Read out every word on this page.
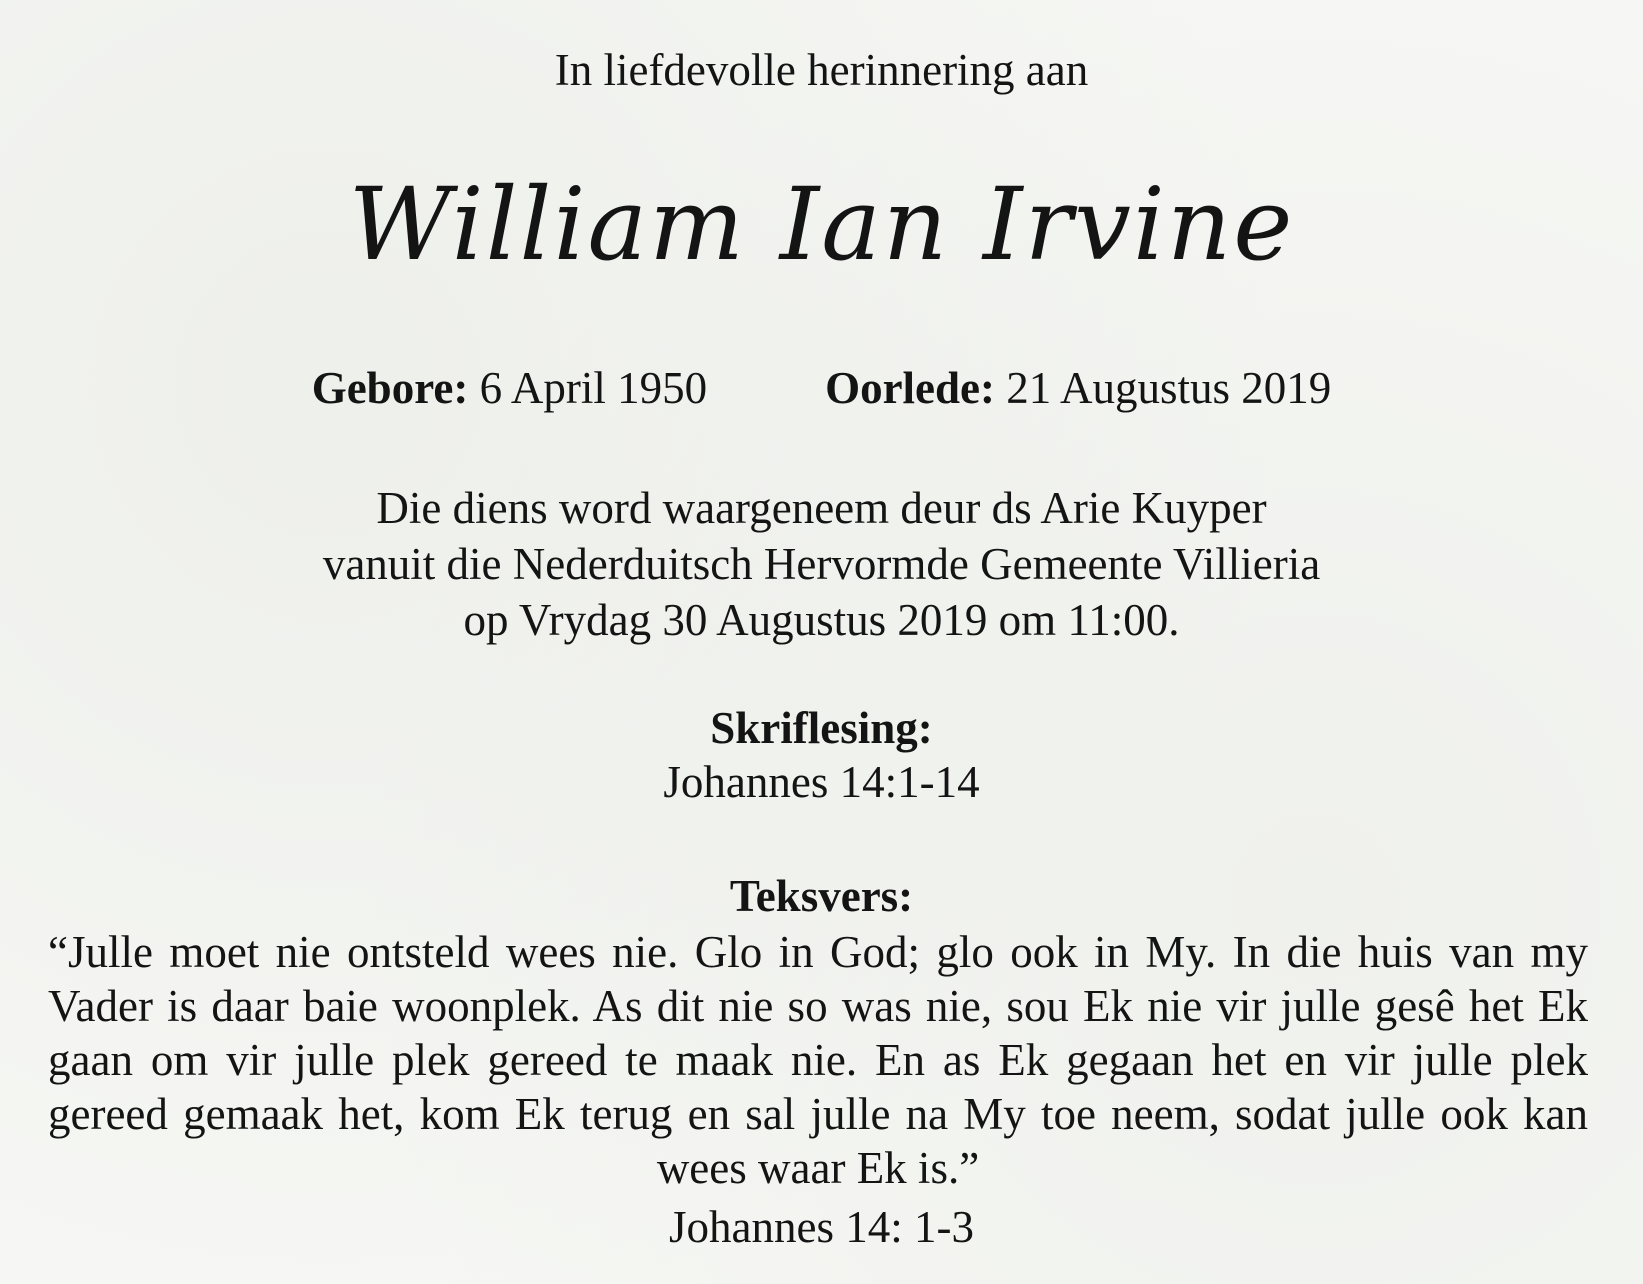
In liefdevolle herinnering aan

William Ian Irvine

Gebore: 6 April 1950	Oorlede: 21 Augustus 2019

Die diens word waargeneem deur ds Arie Kuyper
vanuit die Nederduitsch Hervormde Gemeente Villieria
op Vrydag 30 Augustus 2019 om 11:00.

Skriflesing:

Johannes 14:1-14

Teksvers:

“Julle moet nie ontsteld wees nie. Glo in God; glo ook in My. In die huis van my Vader is daar baie woonplek. As dit nie so was nie, sou Ek nie vir julle gesê het Ek gaan om vir julle plek gereed te maak nie. En as Ek gegaan het en vir julle plek gereed gemaak het, kom Ek terug en sal julle na My toe neem, sodat julle ook kan wees waar Ek is.”

Johannes 14: 1-3
